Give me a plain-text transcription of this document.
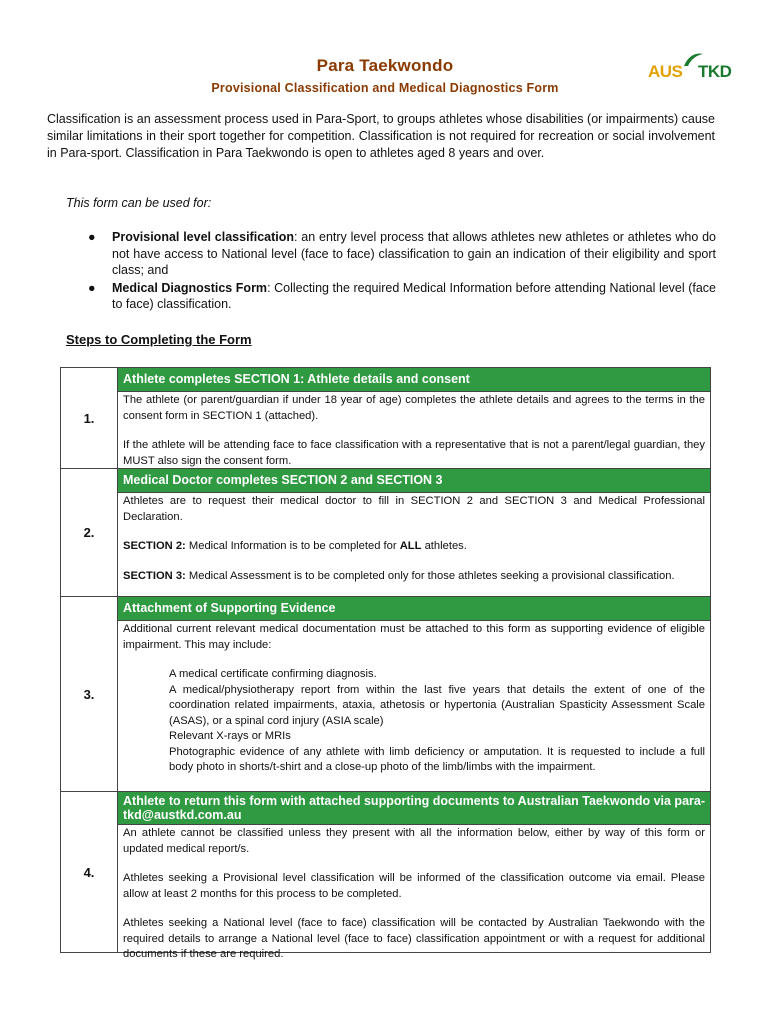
Para Taekwondo
Provisional Classification and Medical Diagnostics Form
AUS TKD
Classification is an assessment process used in Para-Sport, to groups athletes whose disabilities (or impairments) cause similar limitations in their sport together for competition. Classification is not required for recreation or social involvement in Para-sport. Classification in Para Taekwondo is open to athletes aged 8 years and over.
This form can be used for:
● Provisional level classification: an entry level process that allows athletes new athletes or athletes who do not have access to National level (face to face) classification to gain an indication of their eligibility and sport class; and
● Medical Diagnostics Form: Collecting the required Medical Information before attending National level (face to face) classification.
Steps to Completing the Form
1.
Athlete completes SECTION 1: Athlete details and consent

The athlete (or parent/guardian if under 18 year of age) completes the athlete details and agrees to the terms in the consent form in SECTION 1 (attached).

If the athlete will be attending face to face classification with a representative that is not a parent/legal guardian, they MUST also sign the consent form.

2.
Medical Doctor completes SECTION 2 and SECTION 3

Athletes are to request their medical doctor to fill in SECTION 2 and SECTION 3 and Medical Professional Declaration.

SECTION 2: Medical Information is to be completed for ALL athletes.

SECTION 3: Medical Assessment is to be completed only for those athletes seeking a provisional classification.

3.
Attachment of Supporting Evidence

Additional current relevant medical documentation must be attached to this form as supporting evidence of eligible impairment. This may include:

A medical certificate confirming diagnosis.
A medical/physiotherapy report from within the last five years that details the extent of one of the coordination related impairments, ataxia, athetosis or hypertonia (Australian Spasticity Assessment Scale (ASAS), or a spinal cord injury (ASIA scale)
Relevant X-rays or MRIs
Photographic evidence of any athlete with limb deficiency or amputation. It is requested to include a full body photo in shorts/t-shirt and a close-up photo of the limb/limbs with the impairment.
4.
Athlete to return this form with attached supporting documents to Australian Taekwondo via para-tkd@austkd.com.au

An athlete cannot be classified unless they present with all the information below, either by way of this form or updated medical report/s.

Athletes seeking a Provisional level classification will be informed of the classification outcome via email. Please allow at least 2 months for this process to be completed.

Athletes seeking a National level (face to face) classification will be contacted by Australian Taekwondo with the required details to arrange a National level (face to face) classification appointment or with a request for additional documents if these are required.
